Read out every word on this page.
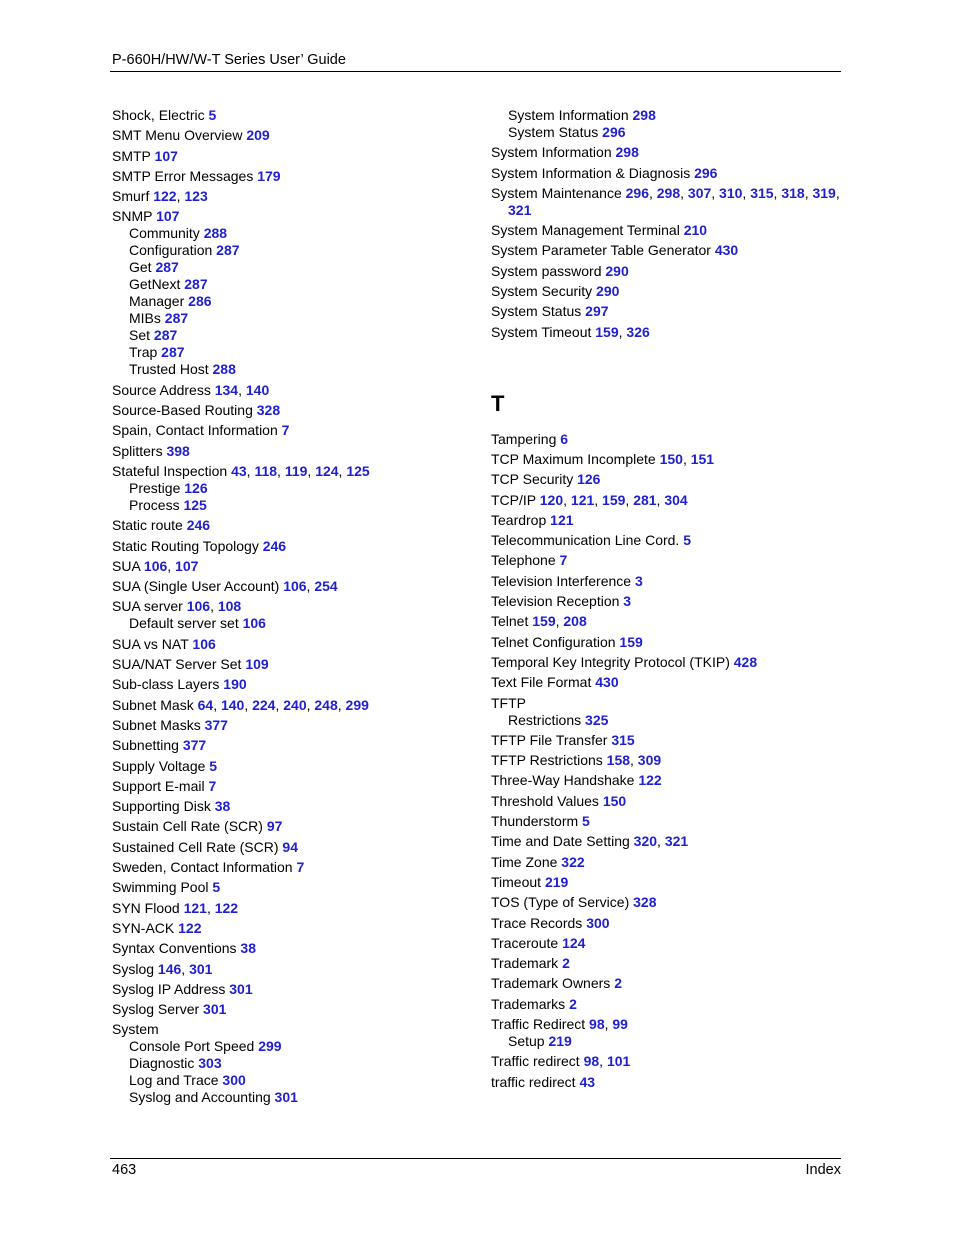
P-660H/HW/W-T Series User’ Guide
Shock, Electric 5
SMT Menu Overview 209
SMTP 107
SMTP Error Messages 179
Smurf 122, 123
SNMP 107
Community 288
Configuration 287
Get 287
GetNext 287
Manager 286
MIBs 287
Set 287
Trap 287
Trusted Host 288
Source Address 134, 140
Source-Based Routing 328
Spain, Contact Information 7
Splitters 398
Stateful Inspection 43, 118, 119, 124, 125
Prestige 126
Process 125
Static route 246
Static Routing Topology 246
SUA 106, 107
SUA (Single User Account) 106, 254
SUA server 106, 108
Default server set 106
SUA vs NAT 106
SUA/NAT Server Set 109
Sub-class Layers 190
Subnet Mask 64, 140, 224, 240, 248, 299
Subnet Masks 377
Subnetting 377
Supply Voltage 5
Support E-mail 7
Supporting Disk 38
Sustain Cell Rate (SCR) 97
Sustained Cell Rate (SCR) 94
Sweden, Contact Information 7
Swimming Pool 5
SYN Flood 121, 122
SYN-ACK 122
Syntax Conventions 38
Syslog 146, 301
Syslog IP Address 301
Syslog Server 301
System
Console Port Speed 299
Diagnostic 303
Log and Trace 300
Syslog and Accounting 301
System Information 298
System Status 296
System Information 298
System Information & Diagnosis 296
System Maintenance 296, 298, 307, 310, 315, 318, 319,
321
System Management Terminal 210
System Parameter Table Generator 430
System password 290
System Security 290
System Status 297
System Timeout 159, 326
T
Tampering 6
TCP Maximum Incomplete 150, 151
TCP Security 126
TCP/IP 120, 121, 159, 281, 304
Teardrop 121
Telecommunication Line Cord. 5
Telephone 7
Television Interference 3
Television Reception 3
Telnet 159, 208
Telnet Configuration 159
Temporal Key Integrity Protocol (TKIP) 428
Text File Format 430
TFTP
Restrictions 325
TFTP File Transfer 315
TFTP Restrictions 158, 309
Three-Way Handshake 122
Threshold Values 150
Thunderstorm 5
Time and Date Setting 320, 321
Time Zone 322
Timeout 219
TOS (Type of Service) 328
Trace Records 300
Traceroute 124
Trademark 2
Trademark Owners 2
Trademarks 2
Traffic Redirect 98, 99
Setup 219
Traffic redirect 98, 101
traffic redirect 43
463	Index
